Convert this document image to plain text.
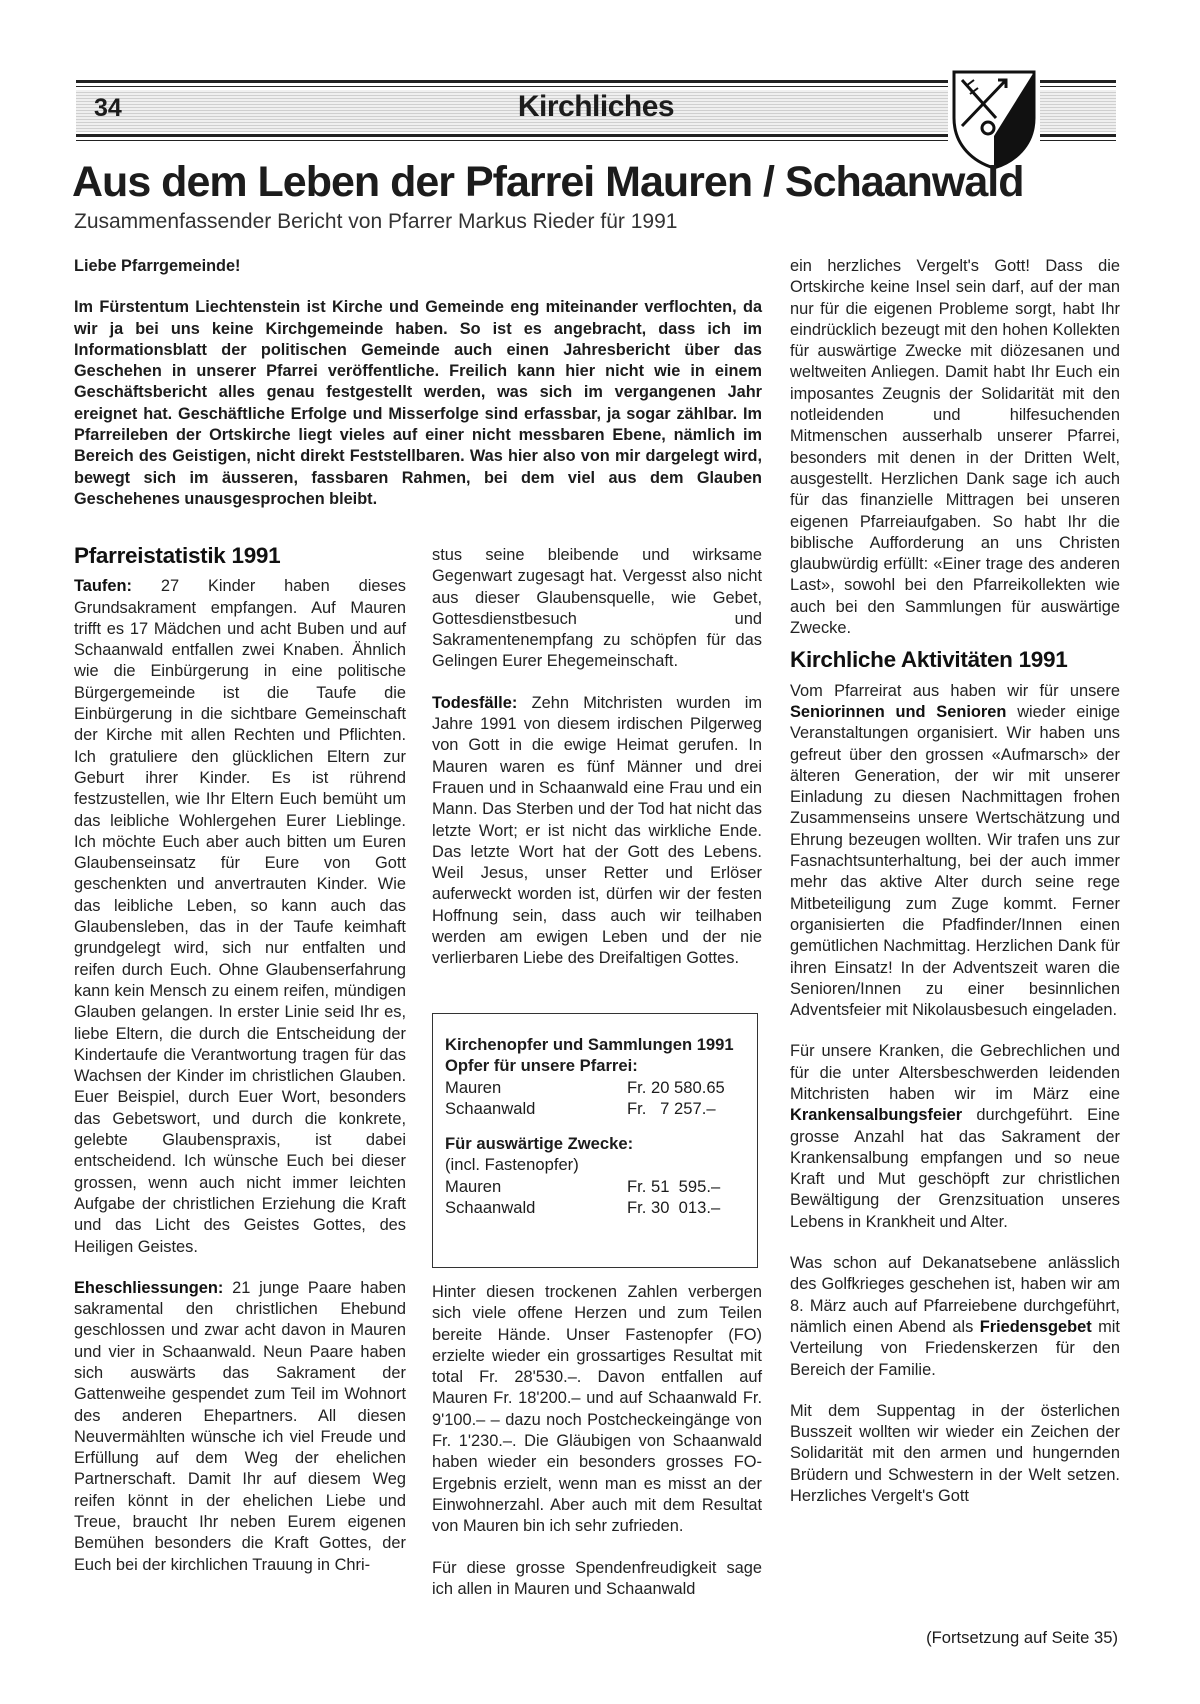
34	Kirchliches
Aus dem Leben der Pfarrei Mauren / Schaanwald
Zusammenfassender Bericht von Pfarrer Markus Rieder für 1991

Liebe Pfarrgemeinde!

Im Fürstentum Liechtenstein ist Kirche und Gemeinde eng miteinander verflochten, da wir ja bei uns keine Kirchgemeinde haben. So ist es angebracht, dass ich im Informationsblatt der politischen Gemeinde auch einen Jahresbericht über das Geschehen in unserer Pfarrei veröffentliche. Freilich kann hier nicht wie in einem Geschäftsbericht alles genau festgestellt werden, was sich im vergangenen Jahr ereignet hat. Geschäftliche Erfolge und Misserfolge sind erfassbar, ja sogar zählbar. Im Pfarreileben der Ortskirche liegt vieles auf einer nicht messbaren Ebene, nämlich im Bereich des Geistigen, nicht direkt Feststellbaren. Was hier also von mir dargelegt wird, bewegt sich im äusseren, fassbaren Rahmen, bei dem viel aus dem Glauben Geschehenes unausgesprochen bleibt.

Pfarreistatistik 1991

Taufen: 27 Kinder haben dieses Grundsakrament empfangen. Auf Mauren trifft es 17 Mädchen und acht Buben und auf Schaanwald entfallen zwei Knaben. Ähnlich wie die Einbürgerung in eine politische Bürgergemeinde ist die Taufe die Einbürgerung in die sichtbare Gemeinschaft der Kirche mit allen Rechten und Pflichten. Ich gratuliere den glücklichen Eltern zur Geburt ihrer Kinder. Es ist rührend festzustellen, wie Ihr Eltern Euch bemüht um das leibliche Wohlergehen Eurer Lieblinge. Ich möchte Euch aber auch bitten um Euren Glaubenseinsatz für Eure von Gott geschenkten und anvertrauten Kinder. Wie das leibliche Leben, so kann auch das Glaubensleben, das in der Taufe keimhaft grundgelegt wird, sich nur entfalten und reifen durch Euch. Ohne Glaubenserfahrung kann kein Mensch zu einem reifen, mündigen Glauben gelangen. In erster Linie seid Ihr es, liebe Eltern, die durch die Entscheidung der Kindertaufe die Verantwortung tragen für das Wachsen der Kinder im christlichen Glauben. Euer Beispiel, durch Euer Wort, besonders das Gebetswort, und durch die konkrete, gelebte Glaubenspraxis, ist dabei entscheidend. Ich wünsche Euch bei dieser grossen, wenn auch nicht immer leichten Aufgabe der christlichen Erziehung die Kraft und das Licht des Geistes Gottes, des Heiligen Geistes.

Eheschliessungen: 21 junge Paare haben sakramental den christlichen Ehebund geschlossen und zwar acht davon in Mauren und vier in Schaanwald. Neun Paare haben sich auswärts das Sakrament der Gattenweihe gespendet zum Teil im Wohnort des anderen Ehepartners. All diesen Neuvermählten wünsche ich viel Freude und Erfüllung auf dem Weg der ehelichen Partnerschaft. Damit Ihr auf diesem Weg reifen könnt in der ehelichen Liebe und Treue, braucht Ihr neben Eurem eigenen Bemühen besonders die Kraft Gottes, der Euch bei der kirchlichen Trauung in Chri-

stus seine bleibende und wirksame Gegenwart zugesagt hat. Vergesst also nicht aus dieser Glaubensquelle, wie Gebet, Gottesdienstbesuch und Sakramentenempfang zu schöpfen für das Gelingen Eurer Ehegemeinschaft.

Todesfälle: Zehn Mitchristen wurden im Jahre 1991 von diesem irdischen Pilgerweg von Gott in die ewige Heimat gerufen. In Mauren waren es fünf Männer und drei Frauen und in Schaanwald eine Frau und ein Mann. Das Sterben und der Tod hat nicht das letzte Wort; er ist nicht das wirkliche Ende. Das letzte Wort hat der Gott des Lebens. Weil Jesus, unser Retter und Erlöser auferweckt worden ist, dürfen wir der festen Hoffnung sein, dass auch wir teilhaben werden am ewigen Leben und der nie verlierbaren Liebe des Dreifaltigen Gottes.

Kirchenopfer und Sammlungen 1991
Opfer für unsere Pfarrei:
Mauren	Fr. 20 580.65
Schaanwald	Fr.   7 257.–
Für auswärtige Zwecke:
(incl. Fastenopfer)
Mauren	Fr. 51  595.–
Schaanwald	Fr. 30  013.–

Hinter diesen trockenen Zahlen verbergen sich viele offene Herzen und zum Teilen bereite Hände. Unser Fastenopfer (FO) erzielte wieder ein grossartiges Resultat mit total Fr. 28'530.–. Davon entfallen auf Mauren Fr. 18'200.– und auf Schaanwald Fr. 9'100.– – dazu noch Postcheckeingänge von Fr. 1'230.–. Die Gläubigen von Schaanwald haben wieder ein besonders grosses FO-Ergebnis erzielt, wenn man es misst an der Einwohnerzahl. Aber auch mit dem Resultat von Mauren bin ich sehr zufrieden.

Für diese grosse Spendenfreudigkeit sage ich allen in Mauren und Schaanwald

ein herzliches Vergelt's Gott! Dass die Ortskirche keine Insel sein darf, auf der man nur für die eigenen Probleme sorgt, habt Ihr eindrücklich bezeugt mit den hohen Kollekten für auswärtige Zwecke mit diözesanen und weltweiten Anliegen. Damit habt Ihr Euch ein imposantes Zeugnis der Solidarität mit den notleidenden und hilfesuchenden Mitmenschen ausserhalb unserer Pfarrei, besonders mit denen in der Dritten Welt, ausgestellt. Herzlichen Dank sage ich auch für das finanzielle Mittragen bei unseren eigenen Pfarreiaufgaben. So habt Ihr die biblische Aufforderung an uns Christen glaubwürdig erfüllt: «Einer trage des anderen Last», sowohl bei den Pfarreikollekten wie auch bei den Sammlungen für auswärtige Zwecke.

Kirchliche Aktivitäten 1991

Vom Pfarreirat aus haben wir für unsere Seniorinnen und Senioren wieder einige Veranstaltungen organisiert. Wir haben uns gefreut über den grossen «Aufmarsch» der älteren Generation, der wir mit unserer Einladung zu diesen Nachmittagen frohen Zusammenseins unsere Wertschätzung und Ehrung bezeugen wollten. Wir trafen uns zur Fasnachtsunterhaltung, bei der auch immer mehr das aktive Alter durch seine rege Mitbeteiligung zum Zuge kommt. Ferner organisierten die Pfadfinder/Innen einen gemütlichen Nachmittag. Herzlichen Dank für ihren Einsatz! In der Adventszeit waren die Senioren/Innen zu einer besinnlichen Adventsfeier mit Nikolausbesuch eingeladen.

Für unsere Kranken, die Gebrechlichen und für die unter Altersbeschwerden leidenden Mitchristen haben wir im März eine Krankensalbungsfeier durchgeführt. Eine grosse Anzahl hat das Sakrament der Krankensalbung empfangen und so neue Kraft und Mut geschöpft zur christlichen Bewältigung der Grenzsituation unseres Lebens in Krankheit und Alter.

Was schon auf Dekanatsebene anlässlich des Golfkrieges geschehen ist, haben wir am 8. März auch auf Pfarreiebene durchgeführt, nämlich einen Abend als Friedensgebet mit Verteilung von Friedenskerzen für den Bereich der Familie.

Mit dem Suppentag in der österlichen Busszeit wollten wir wieder ein Zeichen der Solidarität mit den armen und hungernden Brüdern und Schwestern in der Welt setzen. Herzliches Vergelt's Gott

(Fortsetzung auf Seite 35)
